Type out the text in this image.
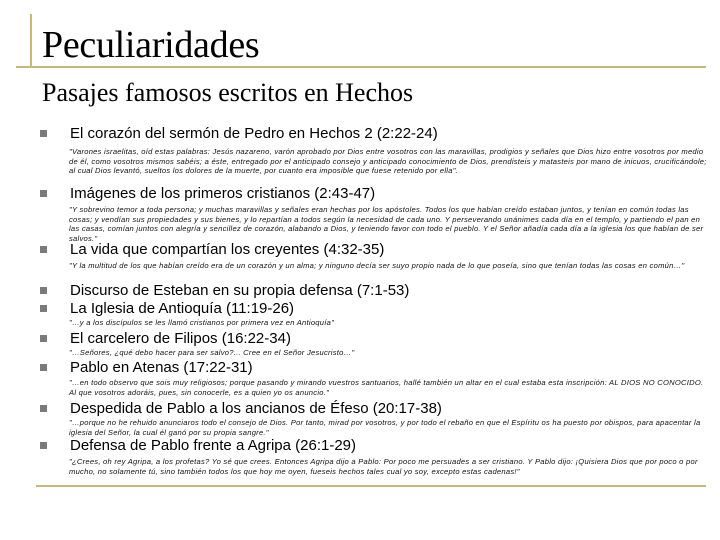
Peculiaridades
Pasajes famosos escritos en Hechos
El corazón del sermón de Pedro en Hechos 2 (2:22-24)
"Varones israelitas, oíd estas palabras: Jesús nazareno, varón aprobado por Dios entre vosotros con las maravillas, prodigios y señales que Dios hizo entre vosotros por medio de él, como vosotros mismos sabéis; a éste, entregado por el anticipado consejo y anticipado conocimiento de Dios, prendisteis y matasteis por mano de inicuos, crucificándole; al cual Dios levantó, sueltos los dolores de la muerte, por cuanto era imposible que fuese retenido por ella".
Imágenes de los primeros cristianos (2:43-47)
"Y sobrevino temor a toda persona; y muchas maravillas y señales eran hechas por los apóstoles. Todos los que habían creído estaban juntos, y tenían en común todas las cosas; y vendían sus propiedades y sus bienes, y lo repartían a todos según la necesidad de cada uno. Y perseverando unánimes cada día en el templo, y partiendo el pan en las casas, comían juntos con alegría y sencillez de corazón, alabando a Dios, y teniendo favor con todo el pueblo. Y el Señor añadía cada día a la iglesia los que habían de ser salvos."
La vida que compartían los creyentes (4:32-35)
"Y la multitud de los que habían creído era de un corazón y un alma; y ninguno decía ser suyo propio nada de lo que poseía, sino que tenían todas las cosas en común…"
Discurso de Esteban en su propia defensa (7:1-53)
La Iglesia de Antioquía (11:19-26)
"…y a los discípulos se les llamó cristianos por primera vez en Antioquía"
El carcelero de Filipos (16:22-34)
"…Señores, ¿qué debo hacer para ser salvo?... Cree en el Señor Jesucristo…"
Pablo en Atenas (17:22-31)
"…en todo observo que sois muy religiosos; porque pasando y mirando vuestros santuarios, hallé también un altar en el cual estaba esta inscripción: AL DIOS NO CONOCIDO. Al que vosotros adoráis, pues, sin conocerle, es a quien yo os anuncio."
Despedida de Pablo a los ancianos de Éfeso (20:17-38)
"…porque no he rehuido anunciaros todo el consejo de Dios. Por tanto, mirad por vosotros, y por todo el rebaño en que el Espíritu os ha puesto por obispos, para apacentar la iglesia del Señor, la cual él ganó por su propia sangre."
Defensa de Pablo frente a Agripa (26:1-29)
"¿Crees, oh rey Agripa, a los profetas? Yo sé que crees. Entonces Agripa dijo a Pablo: Por poco me persuades a ser cristiano. Y Pablo dijo: ¡Quisiera Dios que por poco o por mucho, no solamente tú, sino también todos los que hoy me oyen, fueseis hechos tales cual yo soy, excepto estas cadenas!"
